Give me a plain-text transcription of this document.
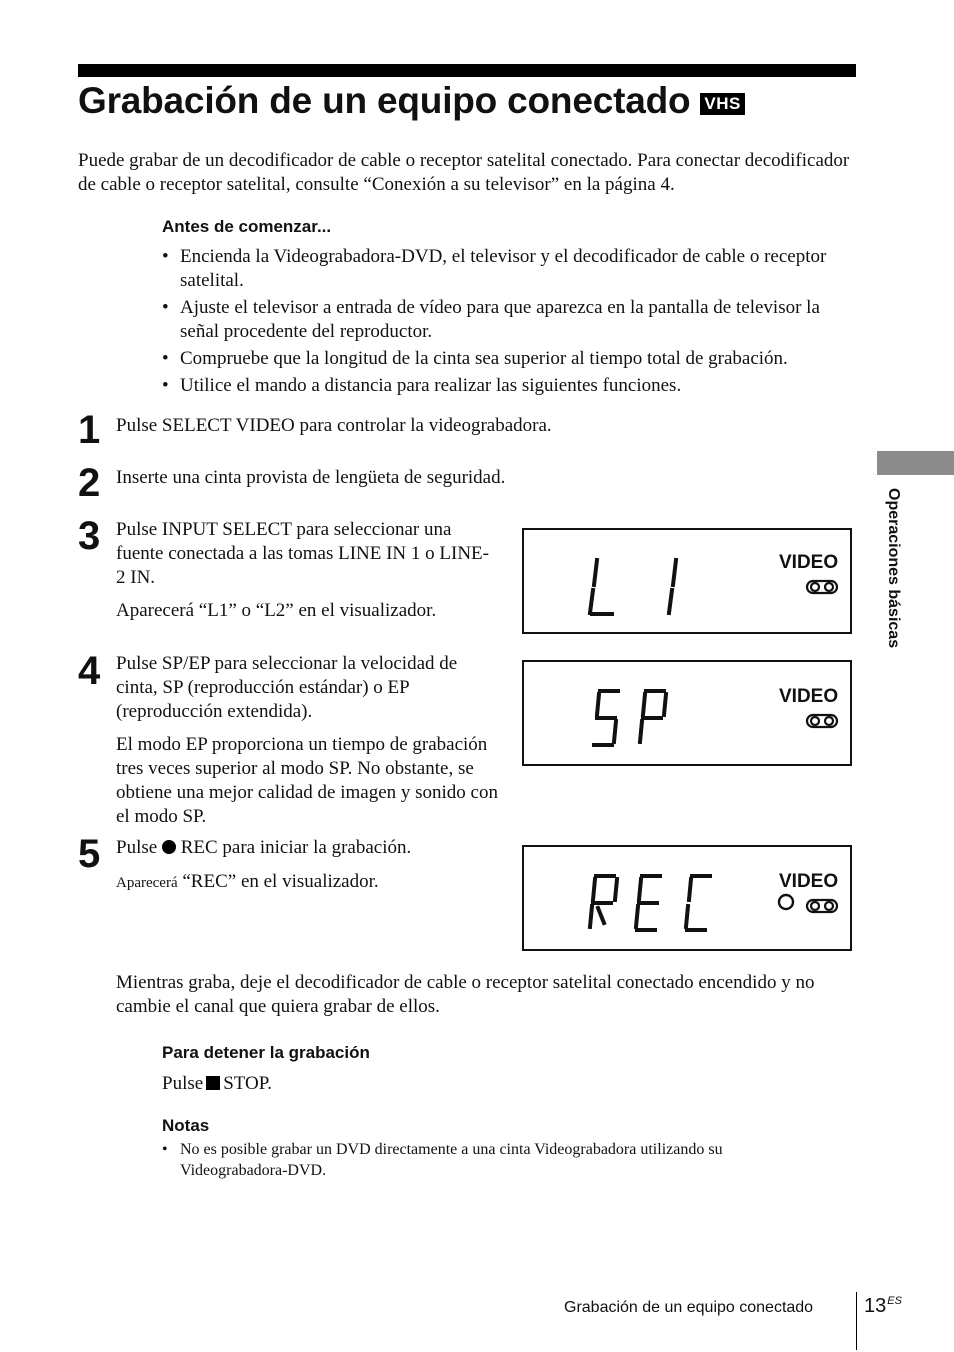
Grabación de un equipo conectado VHS
Puede grabar de un decodificador de cable o receptor satelital conectado. Para conectar decodificador de cable o receptor satelital, consulte “Conexión a su televisor” en la página 4.
Antes de comenzar...
• Encienda la Videograbadora-DVD, el televisor y el decodificador de cable o receptor satelital.
• Ajuste el televisor a entrada de vídeo para que aparezca en la pantalla de televisor la señal procedente del reproductor.
• Compruebe que la longitud de la cinta sea superior al tiempo total de grabación.
• Utilice el mando a distancia para realizar las siguientes funciones.
1 Pulse SELECT VIDEO para controlar la videograbadora.
2 Inserte una cinta provista de lengüeta de seguridad.
3 Pulse INPUT SELECT para seleccionar una fuente conectada a las tomas LINE IN 1 o LINE-2 IN.
Aparecerá “L1” o “L2” en el visualizador.
4 Pulse SP/EP para seleccionar la velocidad de cinta, SP (reproducción estándar) o EP (reproducción extendida).
El modo EP proporciona un tiempo de grabación tres veces superior al modo SP. No obstante, se obtiene una mejor calidad de imagen y sonido con el modo SP.
5 Pulse REC para iniciar la grabación.
Aparecerá “REC” en el visualizador.
VIDEO
VIDEO
VIDEO
Mientras graba, deje el decodificador de cable o receptor satelital conectado encendido y no cambie el canal que quiera grabar de ellos.
Para detener la grabación
Pulse STOP.
Notas
• No es posible grabar un DVD directamente a una cinta Videograbadora utilizando su Videograbadora-DVD.
Operaciones básicas
Grabación de un equipo conectado	$13^{ES}$
